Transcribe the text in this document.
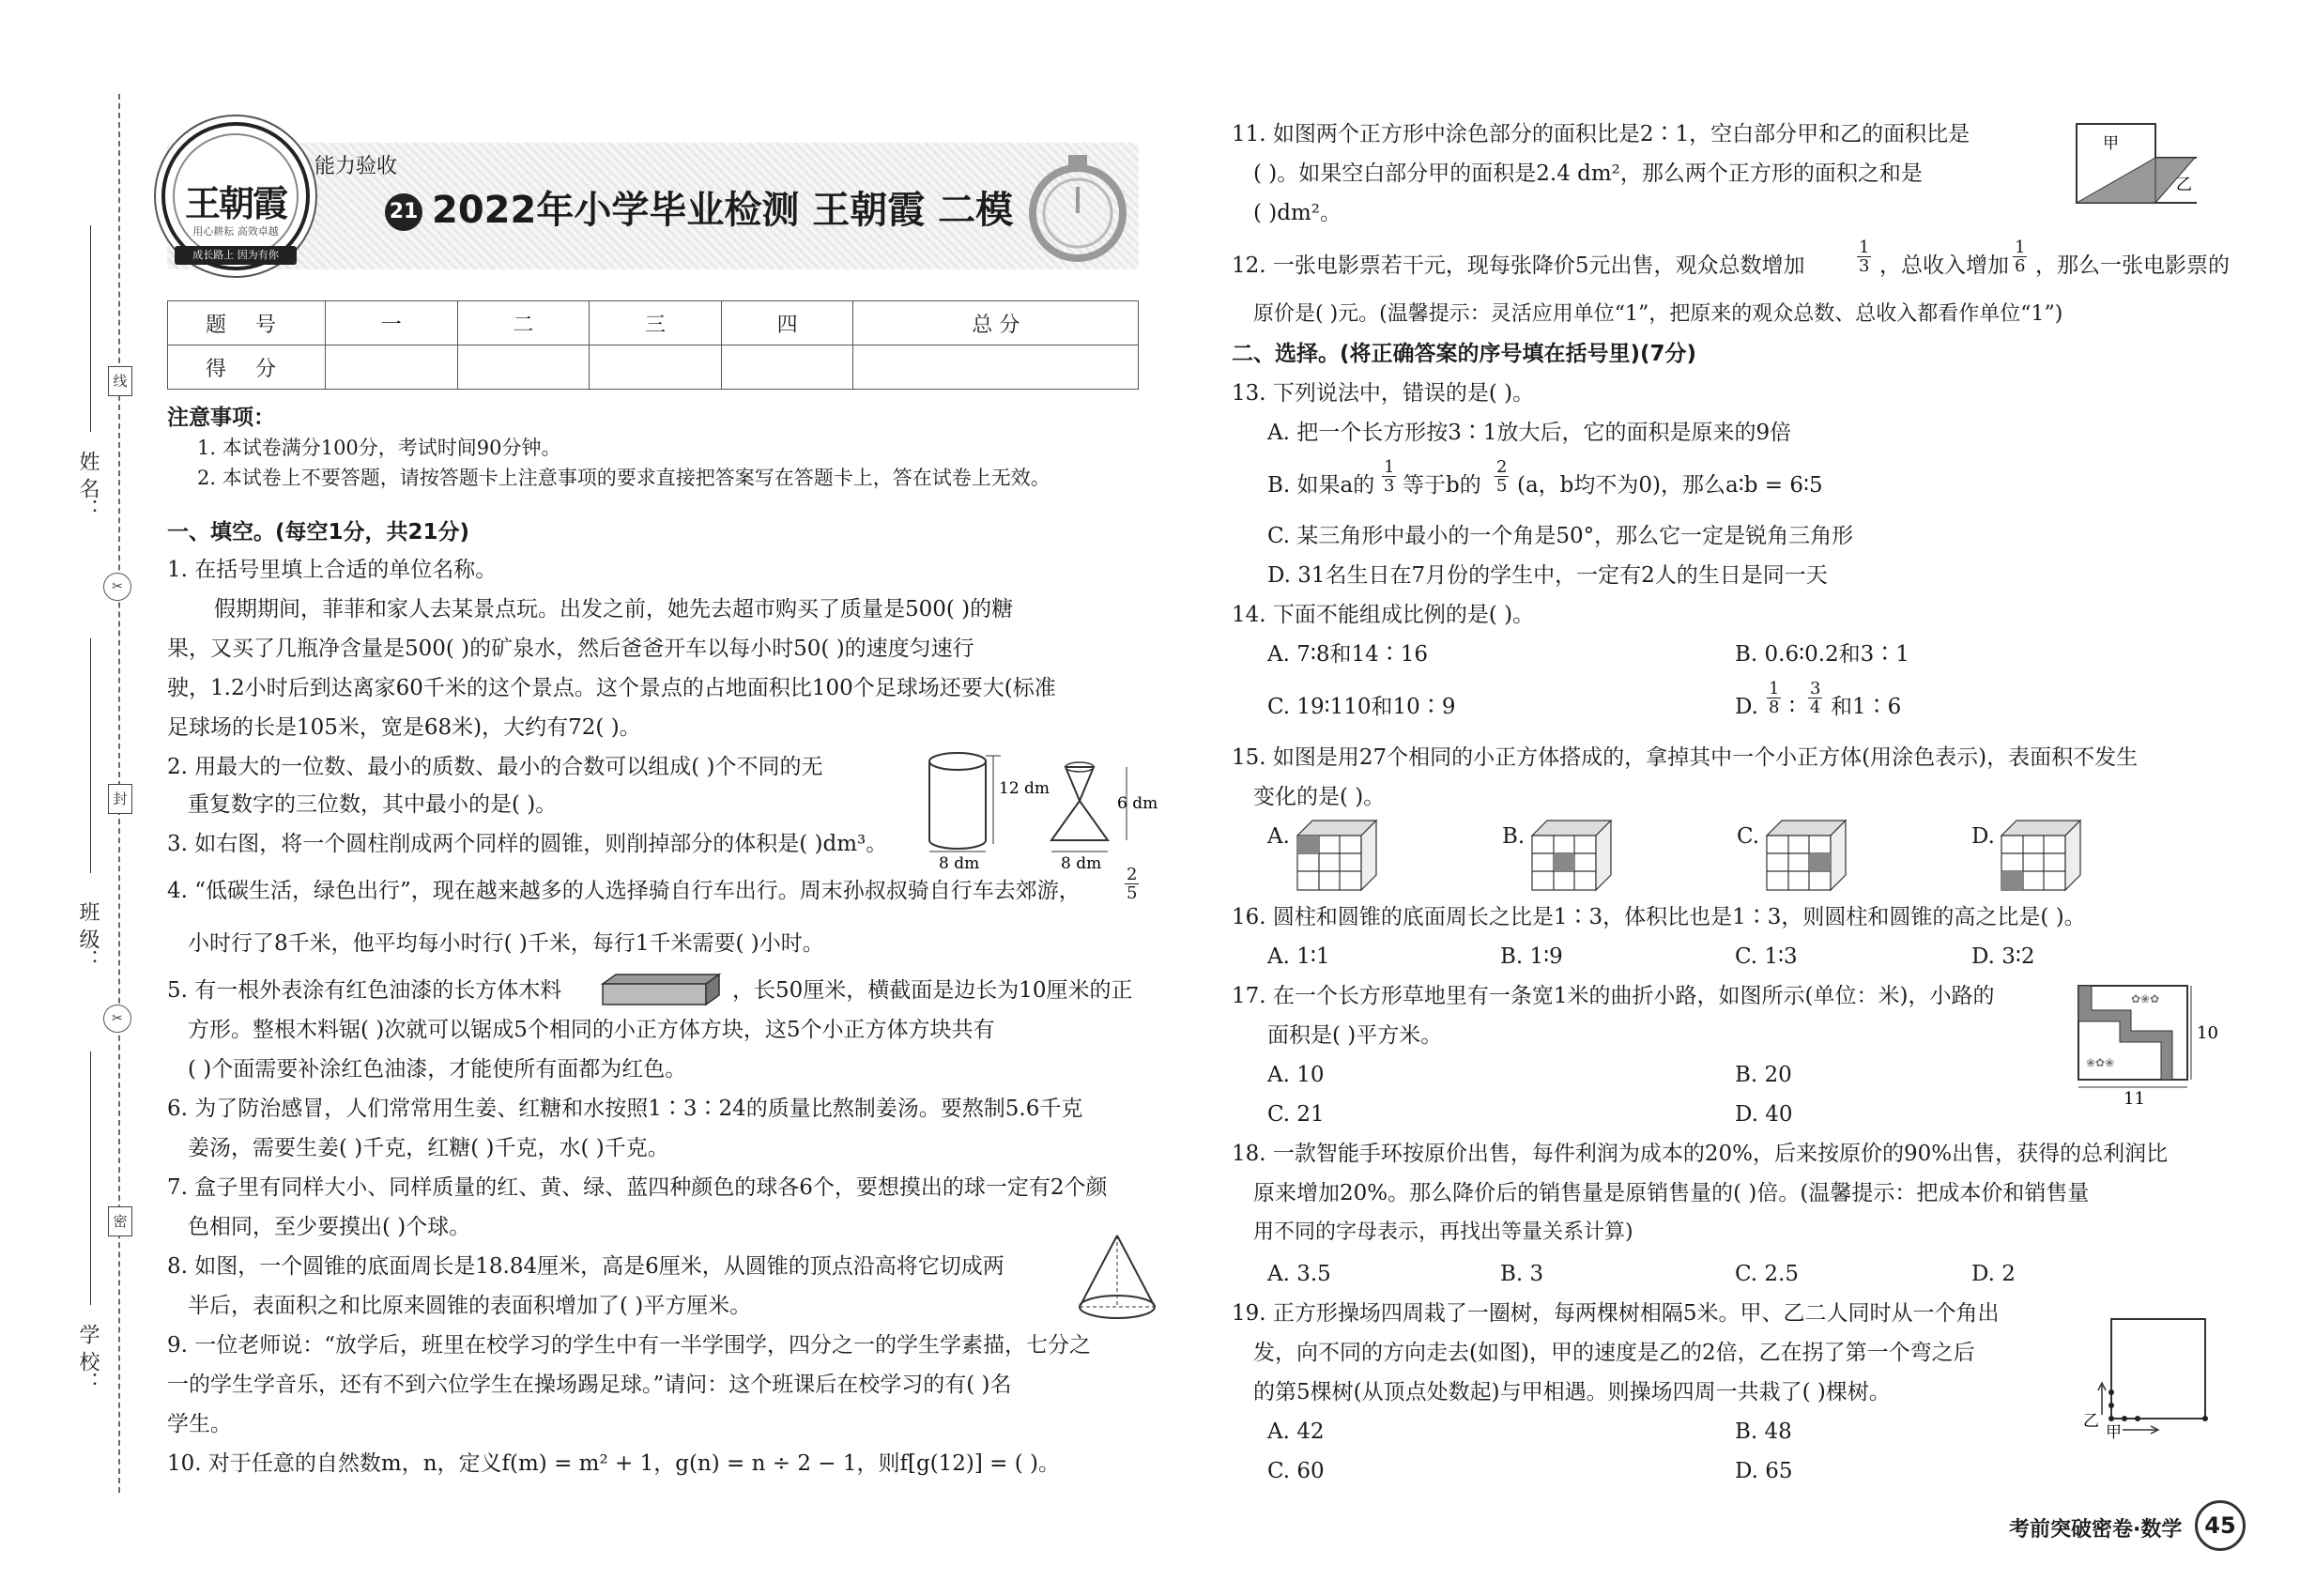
姓 名：
班 级：
学 校：
线
封
密
✂
✂
王朝霞
用心耕耘 高效卓越
成长路上 因为有你
能力验收
21 2022年小学毕业检测 王朝霞 二模
题 号	一	二	三	四	总 分
得 分					
注意事项：
1. 本试卷满分100分，考试时间90分钟。
2. 本试卷上不要答题，请按答题卡上注意事项的要求直接把答案写在答题卡上，答在试卷上无效。
一、填空。(每空1分，共21分)
1. 在括号里填上合适的单位名称。
假期期间，菲菲和家人去某景点玩。出发之前，她先去超市购买了质量是500( )的糖
果，又买了几瓶净含量是500( )的矿泉水，然后爸爸开车以每小时50( )的速度匀速行
驶，1.2小时后到达离家60千米的这个景点。这个景点的占地面积比100个足球场还要大(标准
足球场的长是105米，宽是68米)，大约有72( )。
2. 用最大的一位数、最小的质数、最小的合数可以组成( )个不同的无
重复数字的三位数，其中最小的是( )。
3. 如右图，将一个圆柱削成两个同样的圆锥，则削掉部分的体积是( )dm³。
12 dm
8 dm
6 dm
8 dm
4. “低碳生活，绿色出行”，现在越来越多的人选择骑自行车出行。周末孙叔叔骑自行车去郊游，	$\frac{2}{5}$
小时行了8千米，他平均每小时行( )千米，每行1千米需要( )小时。
5. 有一根外表涂有红色油漆的长方体木料	，长50厘米，横截面是边长为10厘米的正
方形。整根木料锯( )次就可以锯成5个相同的小正方体方块，这5个小正方体方块共有
( )个面需要补涂红色油漆，才能使所有面都为红色。
6. 为了防治感冒，人们常常用生姜、红糖和水按照1∶3∶24的质量比熬制姜汤。要熬制5.6千克
姜汤，需要生姜( )千克，红糖( )千克，水( )千克。
7. 盒子里有同样大小、同样质量的红、黄、绿、蓝四种颜色的球各6个，要想摸出的球一定有2个颜
色相同，至少要摸出( )个球。
8. 如图，一个圆锥的底面周长是18.84厘米，高是6厘米，从圆锥的顶点沿高将它切成两
半后，表面积之和比原来圆锥的表面积增加了( )平方厘米。
9. 一位老师说：“放学后，班里在校学习的学生中有一半学围学，四分之一的学生学素描，七分之
一的学生学音乐，还有不到六位学生在操场踢足球。”请问：这个班课后在校学习的有( )名
学生。
10. 对于任意的自然数m，n，定义f(m) = m² + 1，g(n) = n ÷ 2 − 1，则f[g(12)] = ( )。
11. 如图两个正方形中涂色部分的面积比是2∶1，空白部分甲和乙的面积比是
( )。如果空白部分甲的面积是2.4 dm²，那么两个正方形的面积之和是
( )dm²。
甲
乙
12. 一张电影票若干元，现每张降价5元出售，观众总数增加	$\frac{1}{3}$ ，总收入增加 $\frac{1}{6}$ ，那么一张电影票的
原价是( )元。(温馨提示：灵活应用单位“1”，把原来的观众总数、总收入都看作单位“1”)
二、选择。(将正确答案的序号填在括号里)(7分)
13. 下列说法中，错误的是( )。
A. 把一个长方形按3∶1放大后，它的面积是原来的9倍
B. 如果a的 $\frac{1}{3}$ 等于b的 $\frac{2}{5} (a$，b均不为0)，那么a∶b = 6∶5
C. 某三角形中最小的一个角是50°，那么它一定是锐角三角形
D. 31名生日在7月份的学生中，一定有2人的生日是同一天
14. 下面不能组成比例的是( )。
A. 7∶8和14∶16	B. 0.6∶0.2和3∶1
C. 19∶110和10∶9	D. $\frac{1}{8}$ ∶ $\frac{3}{4}$ 和1∶6
15. 如图是用27个相同的小正方体搭成的，拿掉其中一个小正方体(用涂色表示)，表面积不发生
变化的是( )。
A.	B.	C.	D.
16. 圆柱和圆锥的底面周长之比是1∶3，体积比也是1∶3，则圆柱和圆锥的高之比是( )。
A. 1∶1	B. 1∶9	C. 1∶3	D. 3∶2
17. 在一个长方形草地里有一条宽1米的曲折小路，如图所示(单位：米)，小路的
面积是( )平方米。
A. 10	B. 20
C. 21	D. 40
✿❀✿
❀✿❀
10
11
18. 一款智能手环按原价出售，每件利润为成本的20%，后来按原价的90%出售，获得的总利润比
原来增加20%。那么降价后的销售量是原销售量的( )倍。(温馨提示：把成本价和销售量
用不同的字母表示，再找出等量关系计算)
A. 3.5	B. 3	C. 2.5	D. 2
19. 正方形操场四周栽了一圈树，每两棵树相隔5米。甲、乙二人同时从一个角出
发，向不同的方向走去(如图)，甲的速度是乙的2倍，乙在拐了第一个弯之后
的第5棵树(从顶点处数起)与甲相遇。则操场四周一共栽了( )棵树。
A. 42	B. 48
C. 60	D. 65
乙
甲
考前突破密卷·数学 45
